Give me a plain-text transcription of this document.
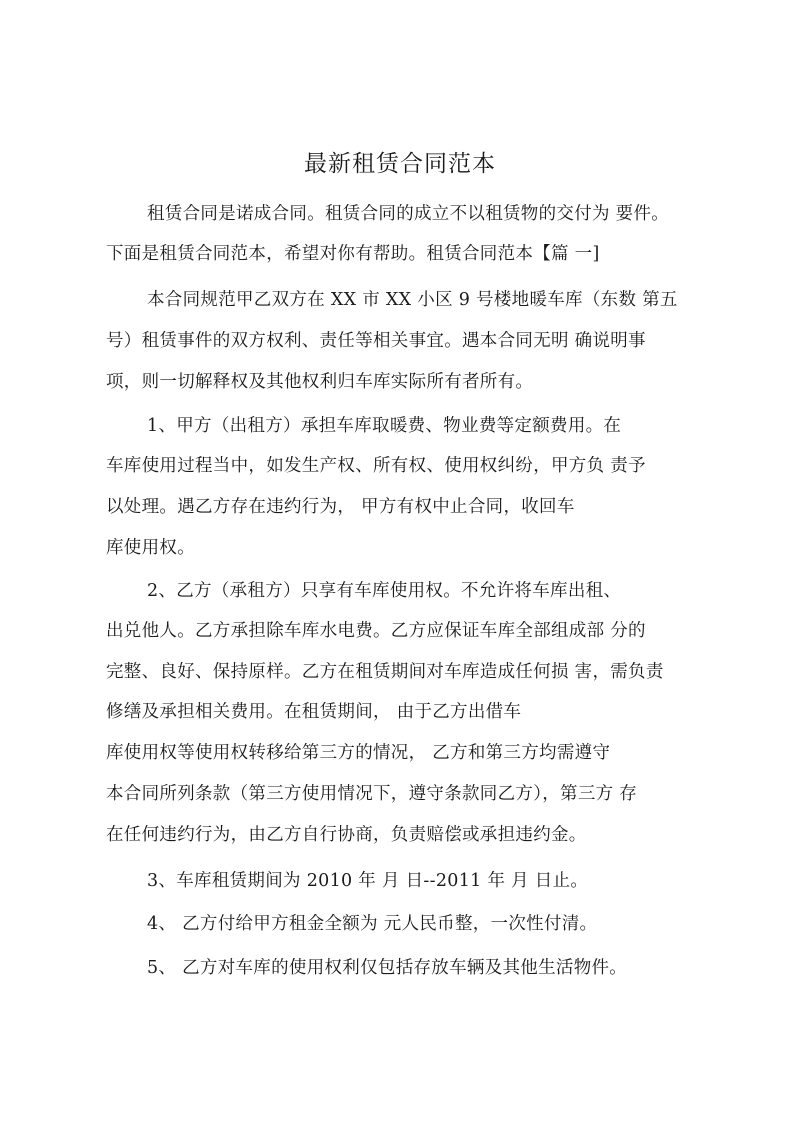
最新租赁合同范本
租赁合同是诺成合同。租赁合同的成立不以租赁物的交付为 要件。
下面是租赁合同范本，希望对你有帮助。租赁合同范本【篇 一]
本合同规范甲乙双方在 XX 市 XX 小区 9 号楼地暖车库（东数 第五
号）租赁事件的双方权利、责任等相关事宜。遇本合同无明 确说明事
项，则一切解释权及其他权利归车库实际所有者所有。
1、甲方（出租方）承担车库取暖费、物业费等定额费用。在
车库使用过程当中，如发生产权、所有权、使用权纠纷，甲方负 责予
以处理。遇乙方存在违约行为， 甲方有权中止合同，收回车
库使用权。
2、乙方（承租方）只享有车库使用权。不允许将车库出租、
出兑他人。乙方承担除车库水电费。乙方应保证车库全部组成部 分的
完整、良好、保持原样。乙方在租赁期间对车库造成任何损 害，需负责
修缮及承担相关费用。在租赁期间， 由于乙方出借车
库使用权等使用权转移给第三方的情况， 乙方和第三方均需遵守
本合同所列条款（第三方使用情况下，遵守条款同乙方），第三方 存
在任何违约行为，由乙方自行协商，负责赔偿或承担违约金。
3、车库租赁期间为 2010 年 月 日--2011 年 月 日止。
4、 乙方付给甲方租金全额为 元人民币整，一次性付清。
5、 乙方对车库的使用权利仅包括存放车辆及其他生活物件。
